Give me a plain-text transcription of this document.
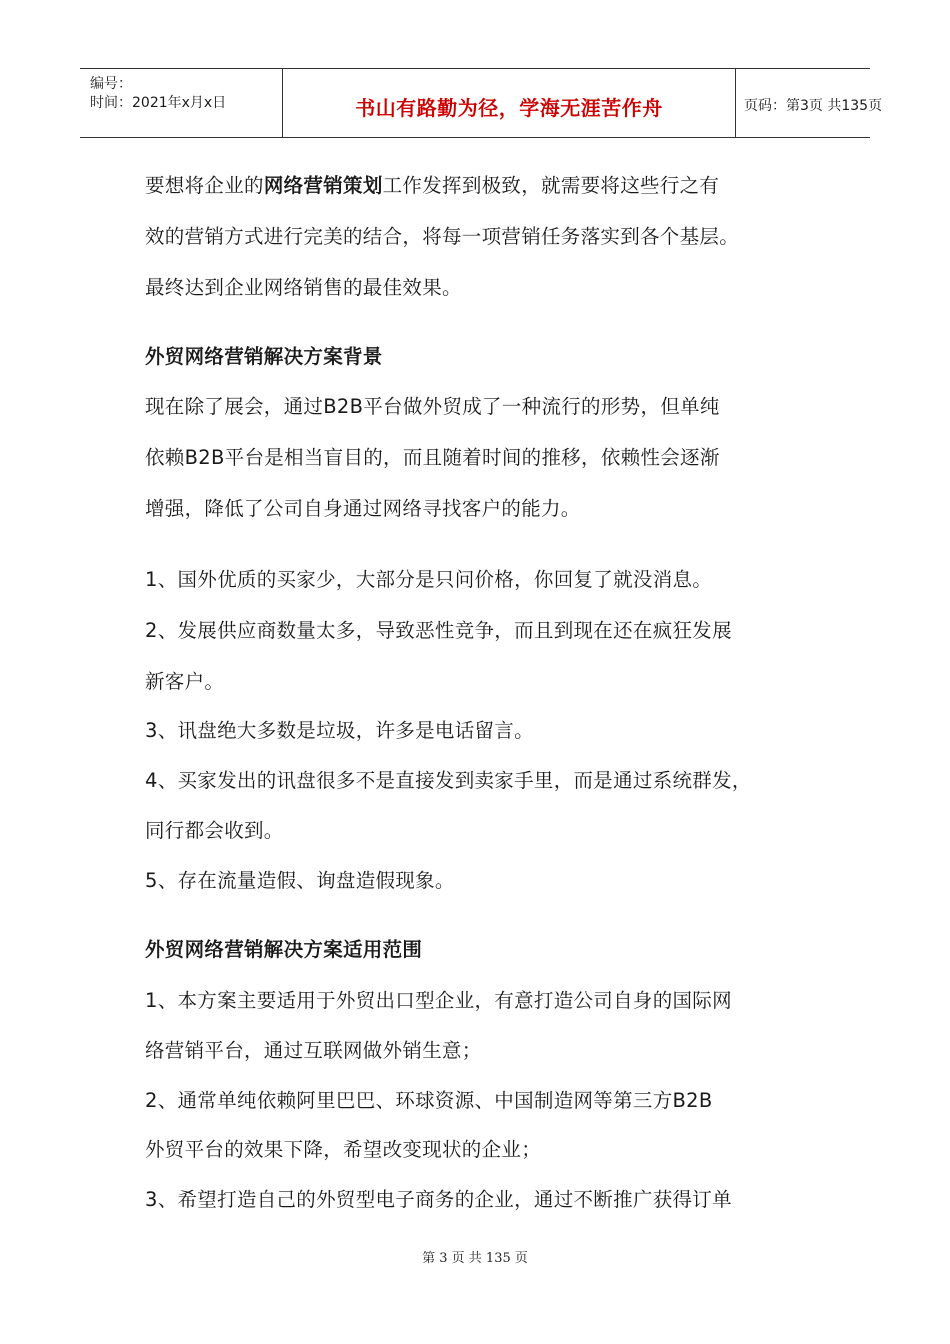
编号：
时间：2021年x月x日	书山有路勤为径，学海无涯苦作舟	页码：第3页 共135页
要想将企业的网络营销策划工作发挥到极致，就需要将这些行之有
效的营销方式进行完美的结合，将每一项营销任务落实到各个基层。
最终达到企业网络销售的最佳效果。
外贸网络营销解决方案背景
现在除了展会，通过B2B平台做外贸成了一种流行的形势，但单纯
依赖B2B平台是相当盲目的，而且随着时间的推移，依赖性会逐渐
增强，降低了公司自身通过网络寻找客户的能力。
1、国外优质的买家少，大部分是只问价格，你回复了就没消息。
2、发展供应商数量太多，导致恶性竞争，而且到现在还在疯狂发展
新客户。
3、讯盘绝大多数是垃圾，许多是电话留言。
4、买家发出的讯盘很多不是直接发到卖家手里，而是通过系统群发，
同行都会收到。
5、存在流量造假、询盘造假现象。
外贸网络营销解决方案适用范围
1、本方案主要适用于外贸出口型企业，有意打造公司自身的国际网
络营销平台，通过互联网做外销生意；
2、通常单纯依赖阿里巴巴、环球资源、中国制造网等第三方B2B
外贸平台的效果下降，希望改变现状的企业；
3、希望打造自己的外贸型电子商务的企业，通过不断推广获得订单
第 3 页 共 135 页
